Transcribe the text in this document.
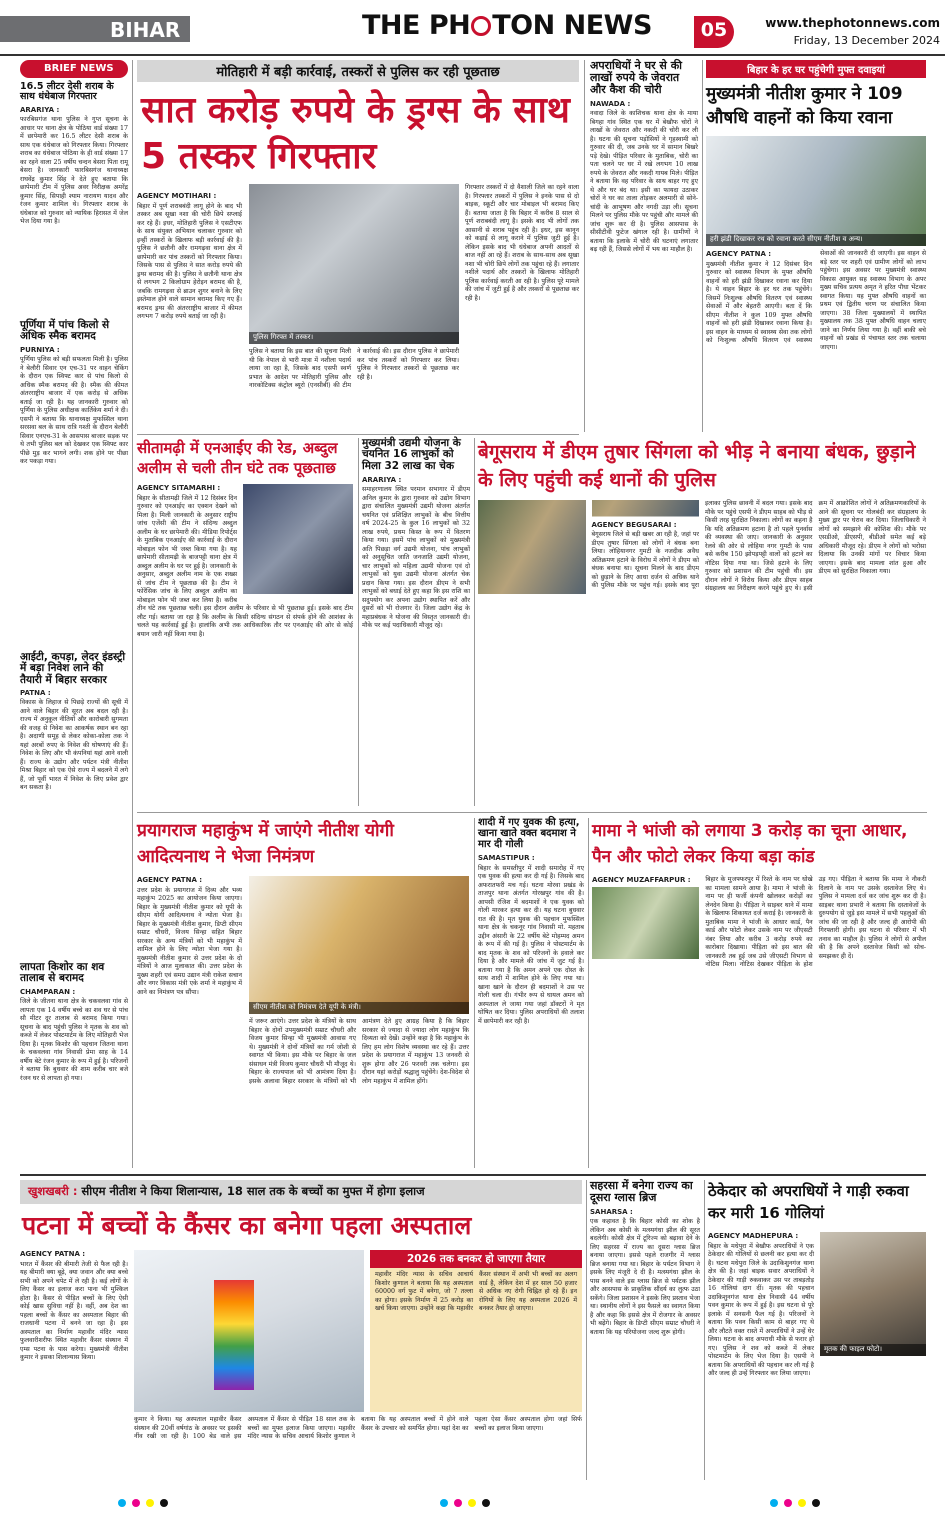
BIHAR	THE PH TON NEWS	05	www.thephotonnews.com
Friday, 13 December 2024
BRIEF NEWS
16.5 लीटर देसी शराब के साथ धंधेबाज गिरफ्तार
ARARIYA :
फारबिसगंज थाना पुलिस ने गुप्त सूचना के आधार पर थाना क्षेत्र के पोठिया वार्ड संख्या 17 में छापेमारी कर 16.5 लीटर देसी शराब के साथ एक धंधेबाज को गिरफ्तार किया। गिरफ्तार शराब का धंधेबाज पोठिया के ही वार्ड संख्या 17 का रहने वाला 25 वर्षीय चन्दन बेसरा पिता रामू बेसरा है। जानकारी फारबिसगंज थानाध्यक्ष राघवेंद्र कुमार सिंह ने देते हुए बताया कि छापेमारी टीम में पुलिस अवर निरीक्षक अमरेंद्र कुमार सिंह, सिपाही श्याम नारायण यादव और रंजन कुमार शामिल थे। गिरफ्तार शराब के धंधेबाज को गुरुवार को न्यायिक हिरासत में जेल भेज दिया गया है।
पूर्णिया में पांच किलो से अधिक स्मैक बरामद
PURNIYA :
पूर्णिया पुलिस को बड़ी सफलता मिली है। पुलिस ने बेलौरी सिवार एन एच-31 पर वाहन चेकिंग के दौरान एक स्विफ्ट कार से पांच किलो से अधिक स्मैक बरामद की है। स्मैक की कीमत अंतरराष्ट्रीय बाजार में एक करोड़ से अधिक बताई जा रही है। यह जानकारी गुरुवार को पूर्णिया के पुलिस अधीक्षक कार्तिकेय शर्मा ने दी। एसपी ने बताया कि थानाध्यक्ष मुफस्सिल थाना सरसवा बल के साथ रात्रि गश्ती के दौरान बेलौरी सिवार एनएच-31 के आसपास बाजार सड़क पर थे तभी पुलिस बल को देखकर एक स्विफ्ट कार पीछे मुड़ कर भागने लगी। शक होने पर पीछा कर पकड़ा गया।
आईटी, कपड़ा, लेदर इंडस्ट्री में बड़ा निवेश लाने की तैयारी में बिहार सरकार
PATNA :
विकास के लिहाज से पिछड़े राज्यों की सूची में आने वाले बिहार की सूरत अब बदल रही है। राज्य में अनुकूल नीतियों और कारोबारी सुगमता की वजह से निवेश का आकर्षक स्थान बन रहा है। अदाणी समूह से लेकर कोका-कोला तक ने यहां अरबों रुपए के निवेश की घोषणाएं की हैं। निवेश के लिए और भी कंपनियां यहां आने वाली हैं। राज्य के उद्योग और पर्यटन मंत्री नीतीश मिश्रा बिहार को एक ऐसे राज्य में बदलने में लगे हैं, जो पूर्वी भारत में निवेश के लिए प्रवेश द्वार बन सकता है।
लापता किशोर का शव तालाब से बरामद
CHAMPARAN :
जिले के जीतना थाना क्षेत्र के चकवलवा गांव से लापता एक 14 वर्षीय बच्चे का शव घर से पांच सौ मीटर दूर तालाब से बरामद किया गया। सूचना के बाद पहुंची पुलिस ने मृतक के शव को कब्जे में लेकर पोस्टमार्टम के लिए मोतिहारी भेज दिया है। मृतक किशोर की पहचान जितना थाना के चकवलवा गांव निवासी प्रेमा साह के 14 वर्षीय बेटे रंजन कुमार के रूप में हुई है। परिजनों ने बताया कि बुधवार की शाम करीब चार बजे रंजन घर से लापता हो गया।
मोतिहारी में बड़ी कार्रवाई, तस्करों से पुलिस कर रही पूछताछ
सात करोड़ रुपये के ड्रग्स के साथ 5 तस्कर गिरफ्तार
AGENCY MOTIHARI :
बिहार में पूर्ण शराबबंदी लागू होने के बाद भी तस्कर अब सूखा नशा की चोरी छिपे सप्लाई कर रहे हैं। इधर, मोतिहारी पुलिस ने एसटीएफ के साथ संयुक्त अभियान चलाकर गुरुवार को इन्हीं तस्करों के खिलाफ बड़ी कार्रवाई की है। पुलिस ने छतौनी और रामगढ़वा थाना क्षेत्र में छापेमारी कर पांच तस्करों को गिरफ्तार किया। जिसके पास से पुलिस ने सात करोड़ रुपये की ड्रग्स बरामद की है। पुलिस ने छतौनी थाना क्षेत्र से लगभग 2 किलोग्राम हेरोइन बरामद की है, जबकि रामगढ़वा से ब्राउन शुगर बनाने के लिए इस्तेमाल होने वाले सामान बरामद किए गए हैं। बरामद ड्रग्स की अंतरराष्ट्रीय बाजार में कीमत लगभग 7 करोड़ रुपये बताई जा रही है।
पुलिस गिरफ्त में तस्कर।
पुलिस ने बताया कि इस बात की सूचना मिली थी कि नेपाल से भारी मात्रा में नशीला पदार्थ लाया जा रहा है, जिसके बाद एसपी स्वर्ण प्रभात के आदेश पर मोतिहारी पुलिस और नारकोटिक्स कंट्रोल ब्यूरो (एनसीबी) की टीम ने कार्रवाई की। इस दौरान पुलिस ने छापेमारी कर पांच तस्करों को गिरफ्तार कर लिया। पुलिस ने गिरफ्तार तस्करों से पूछताछ कर रही है।
गिरफ्तार तस्करों में दो वैशाली जिले का रहने वाला है। गिरफ्तार तस्करों में पुलिस ने इनके पास से दो बाइक, स्कूटी और चार मोबाइल भी बरामद किए हैं। बताया जाता है कि बिहार में करीब 8 साल से पूर्ण शराबबंदी लागू है। इसके बाद भी लोगों तक आसानी से शराब पहुंच रही है। इधर, इस कानून को कड़ाई से लागू कराने में पुलिस जुटी हुई है। लेकिन इसके बाद भी धंधेबाज अपनी आदतों से बाज नहीं आ रहे हैं। शराब के साथ-साथ अब सूखा नशा भी चोरी छिपे लोगों तक पहुंचा रहे हैं। लगातार नशीले पदार्थ और तस्करों के खिलाफ मोतिहारी पुलिस कार्रवाई करती आ रही है। पुलिस पूरे मामले की जांच में जुटी हुई है और तस्करों से पूछताछ कर रही है।
अपराधियों ने घर से की लाखों रुपये के जेवरात और कैश की चोरी
NAWADA :
नवादा जिले के काशिचक थाना क्षेत्र के माया बिगहा गांव स्थित एक घर में बेखौफ चोरों ने लाखों के जेवरात और नकदी की चोरी कर ली है। घटना की सूचना पड़ोसियों ने गृहस्वामी को गुरुवार की दी, जब उनके घर में सामान बिखरे पड़े देखे। पीड़ित परिवार के मुताबिक, चोरी का पता चलने पर घर में रखे लगभग 10 लाख रुपये के जेवरात और नकदी गायब मिले। पीड़ित ने बताया कि वह परिवार के साथ बाहर गए हुए थे और घर बंद था। इसी का फायदा उठाकर चोरों ने घर का ताला तोड़कर अलमारी से सोने-चांदी के आभूषण और नगदी उड़ा ली। सूचना मिलने पर पुलिस मौके पर पहुंची और मामले की जांच शुरू कर दी है। पुलिस आसपास के सीसीटीवी फुटेज खंगाल रही है। ग्रामीणों ने बताया कि इलाके में चोरी की घटनाएं लगातार बढ़ रही हैं, जिससे लोगों में भय का माहौल है।
बिहार के हर घर पहुंचेगी मुफ्त दवाइयां
मुख्यमंत्री नीतीश कुमार ने 109 औषधि वाहनों को किया रवाना
हरी झंडी दिखाकर रथ को रवाना करते सीएम नीतीश व अन्य।
AGENCY PATNA :
मुख्यमंत्री नीतीश कुमार ने 12 दिसंबर दिन गुरुवार को स्वास्थ्य विभाग के मुफ्त औषधि वाहनों को हरी झंडी दिखाकर रवाना कर दिया है। ये वाहन बिहार के हर घर तक पहुंचेंगे। जिसमें निःशुल्क औषधि वितरण एवं स्वास्थ्य सेवाओं में और बेहतरी आएगी। बता दें कि सीएम नीतीश ने कुल 109 मुफ्त औषधि वाहनों को हरी झंडी दिखाकर रवाना किया है। इस वाहन के माध्यम से स्वास्थ्य सेवा तक लोगों को निःशुल्क औषधि वितरण एवं स्वास्थ्य सेवाओं की जानकारी दी जाएगी। इस वाहन से बड़े स्तर पर शहरी एवं ग्रामीण लोगों को लाभ पहुंचेगा। इस अवसर पर मुख्यमंत्री स्वास्थ्य विकास आयुक्त सह स्वास्थ्य विभाग के अपर मुख्य सचिव प्रत्यय अमृत ने हरित पौधा भेंटकर स्वागत किया। यह मुफ्त औषधि वाहनों का प्रथम एवं द्वितीय चरण पर संचालित किया जाएगा। 38 जिला मुख्यालयों में स्थापित मुख्यालय तक 38 मुफ्त औषधि वाहन चलाए जाने का निर्णय लिया गया है। वहीं बाकी बचे वाहनों को प्रखंड से पंचायत स्तर तक चलाया जाएगा।
सीतामढ़ी में एनआईए की रेड, अब्दुल अलीम से चली तीन घंटे तक पूछताछ
AGENCY SITAMARHI :
बिहार के सीतामढ़ी जिले में 12 दिसंबर दिन गुरुवार को एनआईए का एक्शन देखने को मिला है। मिली जानकारी के अनुसार राष्ट्रीय जांच एजेंसी की टीम ने संदिग्ध अब्दुल अलीम के घर छापेमारी की। मीडिया रिपोर्ट्स के मुताबिक एनआईए की कार्रवाई के दौरान मोबाइल फोन भी जब्त किया गया है। यह छापेमारी सीतामढ़ी के बाजपट्टी थाना क्षेत्र में अब्दुल अलीम के घर पर हुई है। जानकारी के अनुसार, अब्दुल अलीम नाम के एक शख्स से जांच टीम ने पूछताछ की है। टीम ने फोरेंसिक जांच के लिए अब्दुल अलीम का मोबाइल फोन भी जब्त कर लिया है। करीब तीन घंटे तक पूछताछ चली। इस दौरान अलीम के परिवार से भी पूछताछ हुई। इसके बाद टीम लौट गई। बताया जा रहा है कि अलीम के किसी संदिग्ध संगठन से संपर्क होने की आशंका के चलते यह कार्रवाई हुई है। हालांकि अभी तक आधिकारिक तौर पर एनआईए की ओर से कोई बयान जारी नहीं किया गया है।
मुख्यमंत्री उद्यमी योजना के चयनित 16 लाभुकों को मिला 32 लाख का चेक
ARARIYA :
समाहरणालय स्थित परमान सभागार में डीएम अनिल कुमार के द्वारा गुरुवार को उद्योग विभाग द्वारा संचालित मुख्यमंत्री उद्यमी योजना अंतर्गत चयनित एवं प्रशिक्षित लाभुकों के बीच वित्तीय वर्ष 2024-25 के कुल 16 लाभुकों को 32 लाख रुपये, प्रथम किस्त के रूप में वितरण किया गया। इसमें पांच लाभुकों को मुख्यमंत्री अति पिछड़ा वर्ग उद्यमी योजना, पांच लाभुकों को अनुसूचित जाति जनजाति उद्यमी योजना, चार लाभुकों को महिला उद्यमी योजना एवं दो लाभुकों को युवा उद्यमी योजना अंतर्गत चेक प्रदान किया गया। इस दौरान डीएम ने सभी लाभुकों को बधाई देते हुए कहा कि इस राशि का सदुपयोग कर अपना उद्योग स्थापित करें और दूसरों को भी रोजगार दें। जिला उद्योग केंद्र के महाप्रबंधक ने योजना की विस्तृत जानकारी दी। मौके पर कई पदाधिकारी मौजूद रहे।
बेगूसराय में डीएम तुषार सिंगला को भीड़ ने बनाया बंधक, छुड़ाने के लिए पहुंची कई थानों की पुलिस
AGENCY BEGUSARAI :
बेगूसराय जिले से बड़ी खबर आ रही है, जहां पर डीएम तुषार सिंगला को लोगों ने बंधक बना लिया। लोहियानगर गुमटी के नजदीक अवैध अतिक्रमण हटाने के विरोध में लोगों ने डीएम को बंधक बनाया था। सूचना मिलने के बाद डीएम को छुड़ाने के लिए आधा दर्जन से अधिक थाने की पुलिस मौके पर पहुंच गई। इसके बाद पूरा इलाका पुलिस छावनी में बदल गया। इसके बाद मौके पर पहुंचे एसपी ने डीएम साहब को भीड़ से किसी तरह सुरक्षित निकाला। लोगों का कहना है कि यदि अतिक्रमण हटाना है तो पहले पुनर्वास की व्यवस्था की जाए। जानकारी के अनुसार रेलवे की ओर से लोहिया नगर गुमटी के पास बसे करीब 150 झोपड़पट्टी वालों को हटाने का नोटिस दिया गया था। जिसे हटाने के लिए गुरुवार को प्रशासन की टीम पहुंची थी। इस दौरान लोगों ने विरोध किया और डीएम साहब संग्रहालय का निरीक्षण करने पहुंचे हुए थे। इसी क्रम में आक्रोशित लोगों ने अतिक्रमणकारियों के आने की सूचना पर गोलबंदी कर संग्रहालय के मुख्य द्वार पर घेराव कर दिया। जिलाधिकारी ने लोगों को समझाने की कोशिश की। मौके पर एसडीओ, डीएसपी, बीडीओ समेत कई बड़े अधिकारी मौजूद रहे। डीएम ने लोगों को भरोसा दिलाया कि उनकी मांगों पर विचार किया जाएगा। इसके बाद मामला शांत हुआ और डीएम को सुरक्षित निकाला गया।
प्रयागराज महाकुंभ में जाएंगे नीतीश योगी आदित्यनाथ ने भेजा निमंत्रण
AGENCY PATNA :
उत्तर प्रदेश के प्रयागराज में दिव्य और भव्य महाकुंभ 2025 का आयोजन किया जाएगा। बिहार के मुख्यमंत्री नीतीश कुमार को यूपी के सीएम योगी आदित्यनाथ ने न्योता भेजा है। बिहार के मुख्यमंत्री नीतीश कुमार, डिप्टी सीएम सम्राट चौधरी, विजय सिन्हा सहित बिहार सरकार के अन्य मंत्रियों को भी महाकुंभ में शामिल होने के लिए न्योता भेजा गया है। मुख्यमंत्री नीतीश कुमार से उत्तर प्रदेश के दो मंत्रियों ने आज मुलाकात की। उत्तर प्रदेश के मुख्य शहरी एवं समग्र उद्यान मंत्री राकेश सचान और नगर विकास मंत्री एके शर्मा ने महाकुंभ में आने का निमंत्रण पत्र सौंपा।
सीएम नीतीश को निमंत्रण देते यूपी के मंत्री।
में जरूर आएंगे। उत्तर प्रदेश के मंत्रियों के साथ बिहार के दोनों उपमुख्यमंत्री सम्राट चौधरी और विजय कुमार सिन्हा भी मुख्यमंत्री आवास गए थे। मुख्यमंत्री ने दोनों मंत्रियों का गर्म जोशी से स्वागत भी किया। इस मौके पर बिहार के जल संसाधन मंत्री विजय कुमार चौधरी भी मौजूद थे। बिहार के राज्यपाल को भी आमंत्रण दिया है। इसके अलावा बिहार सरकार के मंत्रियों को भी आमंत्रण देते हुए आग्रह किया है कि बिहार सरकार से ज्यादा से ज्यादा लोग महाकुंभ कि दिव्यता को देखें। उन्होंने कहा है कि महाकुंभ के लिए हम लोग विशेष व्यवस्था कर रहे हैं। उत्तर प्रदेश के प्रयागराज में महाकुंभ 13 जनवरी से शुरू होगा और 26 फरवरी तक चलेगा। इस दौरान यहां करोड़ों श्रद्धालु पहुंचेंगे। देश-विदेश से लोग महाकुंभ में शामिल होंगे।
शादी में गए युवक की हत्या, खाना खाते वक्त बदमाश ने मार दी गोली
SAMASTIPUR :
बिहार के समस्तीपुर में शादी समारोह में गए एक युवक की हत्या कर दी गई है। जिसके बाद अफरातफरी मच गई। घटना मोरवा प्रखंड के ताजपुर थाना अंतर्गत गोरखपुर गांव की है। आपसी रंजिश में बदमाशों ने एक युवक को गोली मारकर हत्या कर दी। यह घटना बुधवार रात की है। मृत युवक की पहचान मुफस्सिल थाना क्षेत्र के चकनूर गांव निवासी मो. महताब उद्दीन अंसारी के 22 वर्षीय बेटे मोहम्मद अमन के रूप में की गई है। पुलिस ने पोस्टमार्टम के बाद मृतक के शव को परिजनों के हवाले कर दिया है और मामले की जांच में जुट गई है। बताया गया है कि अमन अपने एक दोस्त के साथ शादी में शामिल होने के लिए गया था। खाना खाने के दौरान ही बदमाशों ने उस पर गोली चला दी। गंभीर रूप से घायल अमन को अस्पताल ले जाया गया जहां डॉक्टरों ने मृत घोषित कर दिया। पुलिस अपराधियों की तलाश में छापेमारी कर रही है।
मामा ने भांजी को लगाया 3 करोड़ का चूना आधार, पैन और फोटो लेकर किया बड़ा कांड
AGENCY MUZAFFARPUR :	बिहार के मुजफ्फरपुर में रिश्ते के नाम पर धोखे का मामला सामने आया है। मामा ने भांजी के नाम पर ही फर्जी कंपनी खोलकर करोड़ों का लेनदेन किया है। पीड़िता ने साइबर थाने में मामा के खिलाफ शिकायत दर्ज कराई है। जानकारी के मुताबिक मामा ने भांजी के आधार कार्ड, पैन कार्ड और फोटो लेकर उसके नाम पर जीएसटी नंबर लिया और करीब 3 करोड़ रुपये का कारोबार दिखाया। पीड़िता को इस बात की जानकारी तब हुई जब उसे जीएसटी विभाग से नोटिस मिला। नोटिस देखकर पीड़िता के होश उड़ गए। पीड़िता ने बताया कि मामा ने नौकरी दिलाने के नाम पर उसके दस्तावेज लिए थे। पुलिस ने मामला दर्ज कर जांच शुरू कर दी है। साइबर थाना प्रभारी ने बताया कि दस्तावेजों के दुरुपयोग से जुड़े इस मामले में सभी पहलुओं की जांच की जा रही है और जल्द ही आरोपी की गिरफ्तारी होगी। इस घटना से परिवार में भी तनाव का माहौल है। पुलिस ने लोगों से अपील की है कि अपने दस्तावेज किसी को सोच-समझकर ही दें।
खुशखबरी : सीएम नीतीश ने किया शिलान्यास, 18 साल तक के बच्चों का मुफ्त में होगा इलाज
पटना में बच्चों के कैंसर का बनेगा पहला अस्पताल
AGENCY PATNA :
भारत में कैंसर की बीमारी तेजी से फैल रही है। यह बीमारी क्या बूढ़े, क्या जवान और क्या बच्चे सभी को अपने चपेट में ले रही है। कई लोगों के लिए कैंसर का इलाज करा पाना भी मुश्किल होता है। कैंसर से पीड़ित बच्चों के लिए ऐसी कोई खास सुविधा नहीं है। वहीं, अब देश का पहला बच्चों के कैंसर का अस्पताल बिहार की राजधानी पटना में बनने जा रहा है। इस अस्पताल का निर्माण महावीर मंदिर न्यास फुलवारीशरीफ स्थित महावीर कैंसर संस्थान में एम्स पटना के पास करेगा। मुख्यमंत्री नीतीश कुमार ने इसका शिलान्यास किया।
2026 तक बनकर हो जाएगा तैयार
महावीर मंदिर न्यास के सचिव आचार्य किशोर कुणाल ने बताया कि यह अस्पताल 60000 वर्ग फुट में बनेगा, जो 7 तल्ला का होगा। इसके निर्माण में 25 करोड़ का खर्च किया जाएगा। उन्होंने कहा कि महावीर कैंसर संस्थान में अभी भी बच्चों का अलग वार्ड है, लेकिन देश में हर साल 50 हजार से अधिक नए रोगी चिह्नित हो रहे हैं। इन रोगियों के लिए यह अस्पताल 2026 में बनकर तैयार हो जाएगा।
कुमार ने किया। यह अस्पताल महावीर कैंसर संस्थान की 20वीं वर्षगांठ के अवसर पर इसकी नींव रखी जा रही है। 100 बेड वाले इस अस्पताल में कैंसर से पीड़ित 18 साल तक के बच्चों का मुफ्त इलाज किया जाएगा। महावीर मंदिर न्यास के सचिव आचार्य किशोर कुणाल ने बताया कि यह अस्पताल बच्चों में होने वाले कैंसर के उपचार को समर्पित होगा। यहां देश का पहला ऐसा कैंसर अस्पताल होगा जहां सिर्फ बच्चों का इलाज किया जाएगा।
सहरसा में बनेगा राज्य का दूसरा ग्लास ब्रिज
SAHARSA :
एक कहावत है कि बिहार कोसी का शोक है लेकिन अब कोसी के मत्स्यगंधा झील की सूरत बदलेगी। कोसी क्षेत्र में टूरिज्म को बढ़ावा देने के लिए सहरसा में राज्य का दूसरा ग्लास ब्रिज बनाया जाएगा। इससे पहले राजगीर में ग्लास ब्रिज बनाया गया था। बिहार के पर्यटन विभाग ने इसके लिए मंजूरी दे दी है। मत्स्यगंधा झील के पास बनने वाले इस ग्लास ब्रिज से पर्यटक झील और आसपास के प्राकृतिक सौंदर्य का लुत्फ उठा सकेंगे। जिला प्रशासन ने इसके लिए प्रस्ताव भेजा था। स्थानीय लोगों ने इस फैसले का स्वागत किया है और कहा कि इससे क्षेत्र में रोजगार के अवसर भी बढ़ेंगे। बिहार के डिप्टी सीएम सम्राट चौधरी ने बताया कि यह परियोजना जल्द शुरू होगी।
ठेकेदार को अपराधियों ने गाड़ी रुकवा कर मारी 16 गोलियां
AGENCY MADHEPURA :
बिहार के मधेपुरा में बेखौफ अपराधियों ने एक ठेकेदार की गोलियों से छलनी कर हत्या कर दी है। घटना मधेपुरा जिले के उदाकिशुनगंज थाना क्षेत्र की है। जहां बाइक सवार अपराधियों ने ठेकेदार की गाड़ी रुकवाकर उस पर ताबड़तोड़ 16 गोलियां दाग दीं। मृतक की पहचान उदाकिशुनगंज थाना क्षेत्र निवासी 44 वर्षीय पवन कुमार के रूप में हुई है। इस घटना से पूरे इलाके में सनसनी फैल गई है। परिजनों ने बताया कि पवन किसी काम से बाहर गए थे और लौटते वक्त रास्ते में अपराधियों ने उन्हें घेर लिया। घटना के बाद अपराधी मौके से फरार हो गए। पुलिस ने शव को कब्जे में लेकर पोस्टमार्टम के लिए भेज दिया है। एसपी ने बताया कि अपराधियों की पहचान कर ली गई है और जल्द ही उन्हें गिरफ्तार कर लिया जाएगा।
मृतक की फाइल फोटो।
